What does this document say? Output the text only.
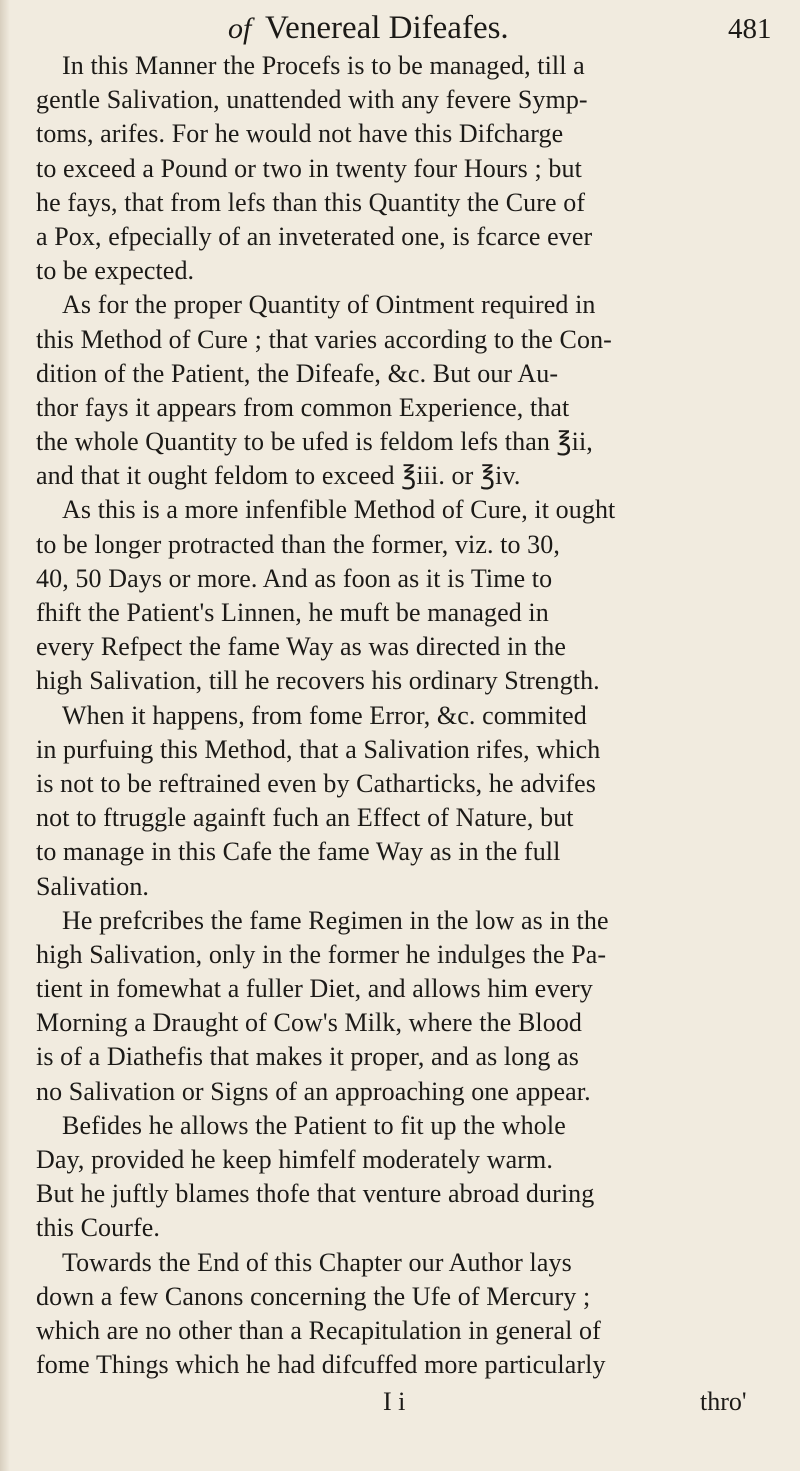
of Venereal Difeafes.	481
In this Manner the Procefs is to be managed, till a
gentle Salivation, unattended with any fevere Symp-
toms, arifes. For he would not have this Difcharge
to exceed a Pound or two in twenty four Hours ; but
he fays, that from lefs than this Quantity the Cure of
a Pox, efpecially of an inveterated one, is fcarce ever
to be expected.
As for the proper Quantity of Ointment required in
this Method of Cure ; that varies according to the Con-
dition of the Patient, the Difeafe, &c. But our Au-
thor fays it appears from common Experience, that
the whole Quantity to be ufed is feldom lefs than ℥ii,
and that it ought feldom to exceed ℥iii. or ℥iv.
As this is a more infenfible Method of Cure, it ought
to be longer protracted than the former, viz. to 30,
40, 50 Days or more. And as foon as it is Time to
fhift the Patient's Linnen, he muft be managed in
every Refpect the fame Way as was directed in the
high Salivation, till he recovers his ordinary Strength.
When it happens, from fome Error, &c. commited
in purfuing this Method, that a Salivation rifes, which
is not to be reftrained even by Catharticks, he advifes
not to ftruggle againft fuch an Effect of Nature, but
to manage in this Cafe the fame Way as in the full
Salivation.
He prefcribes the fame Regimen in the low as in the
high Salivation, only in the former he indulges the Pa-
tient in fomewhat a fuller Diet, and allows him every
Morning a Draught of Cow's Milk, where the Blood
is of a Diathefis that makes it proper, and as long as
no Salivation or Signs of an approaching one appear.
Befides he allows the Patient to fit up the whole
Day, provided he keep himfelf moderately warm.
But he juftly blames thofe that venture abroad during
this Courfe.
Towards the End of this Chapter our Author lays
down a few Canons concerning the Ufe of Mercury ;
which are no other than a Recapitulation in general of
fome Things which he had difcuffed more particularly
I i	thro'
